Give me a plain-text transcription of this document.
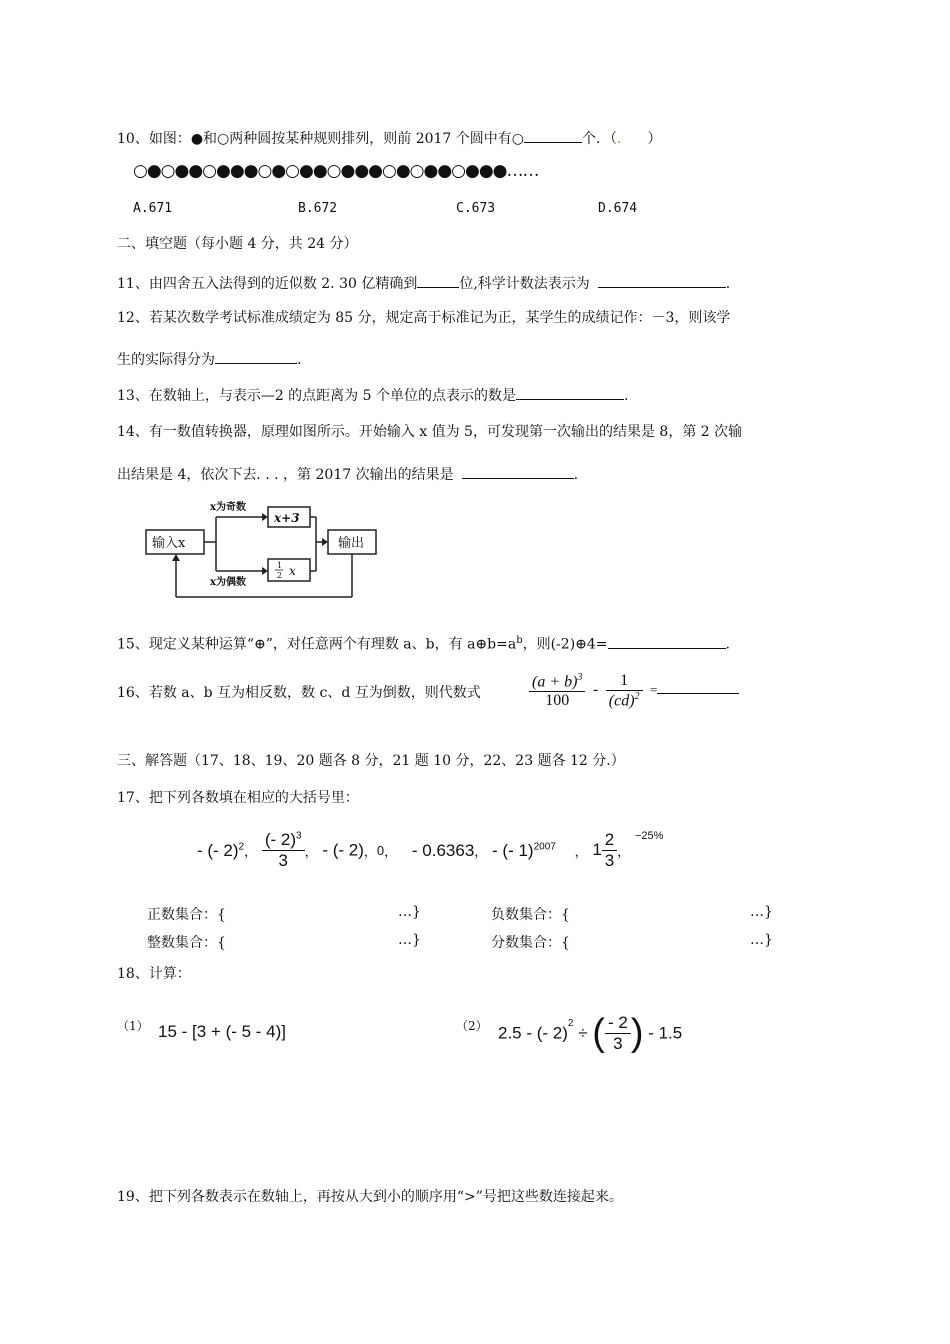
10、如图：●和○两种圆按某种规则排列，则前 2017 个圆中有○	个．（. ）
○●○●●○●●●○●○●●○●●●○●○●●○●●●……
A.671	B.672	C.673	D.674
二、填空题（每小题 4 分，共 24 分）
11、由四舍五入法得到的近似数 2. 30 亿精确到	位,科学计数法表示为	.
12、若某次数学考试标准成绩定为 85 分，规定高于标准记为正，某学生的成绩记作：－3，则该学
生的实际得分为	.
13、在数轴上，与表示—2 的点距离为 5 个单位的点表示的数是	.
14、有一数值转换器，原理如图所示。开始输入 x 值为 5，可发现第一次输出的结果是 8，第 2 次输
出结果是 4，依次下去. . . ，第 2017 次输出的结果是	.
输入x
x为奇数
x为偶数
x+3
1
2 x
输出
15、现定义某种运算“⊕”，对任意两个有理数 a、b，有 $a\oplus b=a^b$，则(-2)⊕4=	.
16、若数 a、b 互为相反数，数 c、d 互为倒数，则代数式	$\frac{(a + b)^3}{100} - \frac{1}{(cd)^2}$ =
三、解答题（17、18、19、20 题各 8 分，21 题 10 分，22、23 题各 12 分.）
17、把下列各数填在相应的大括号里：
- (- 2)$^2$， $\frac{(- 2)^3}{3}$ ， - (- 2)，0， - 0.6363， - (- 1)$^{2007}$ ， $1 \frac{2}{3}$ ， $^{-25\%}$
正数集合：{	…}	负数集合：{	…}
整数集合：{	…}	分数集合：{	…}
18、计算：
（1） 15 - [3 + (- 5 - 4)]	（2） 2.5 - (- 2)$^2$ ÷ ( $\frac{- 2}{3}$ ) - 1.5
19、把下列各数表示在数轴上，再按从大到小的顺序用“>”号把这些数连接起来。
